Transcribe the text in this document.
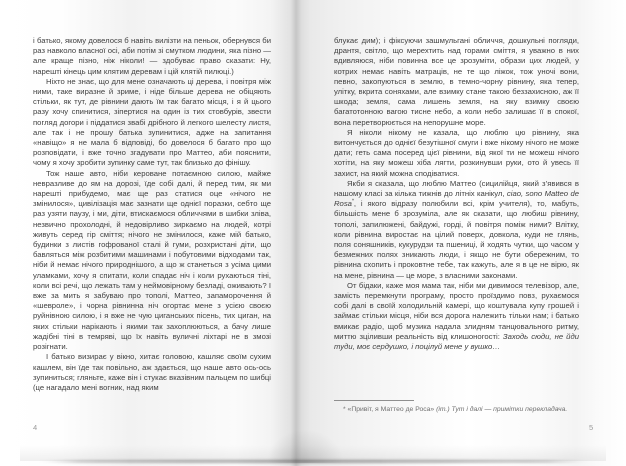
і батько, якому довелося б навіть вилізти на пеньок, обернувся би раз навколо власної осі, аби потім зі смутком людини, яка пізно — але краще пізно, ніж ніколи! — здобуває право сказати: Ну, нарешті кінець цим клятим деревам і цій клятій пилюці.)

Ніхто не знає, що для мене означають ці дерева, і повітря між ними, таке виразне й зриме, і ніде більше дерева не обіцяють стільки, як тут, де рівнини дають їм так багато місця, і я й цього разу хочу спинитися, зіпертися на один із тих стовбурів, звести погляд догори і піддатися звабі дрібного й легкого шелесту листя, але так і не прошу батька зупинитися, адже на запитання «навіщо» я не мала б відповіді, бо довелося б багато про що розповідати, і вже точно згадувати про Маттео, аби пояснити, чому я хочу зробити зупинку саме тут, так близько до фінішу.

Тож наше авто, ніби кероване потаємною силою, майже невразливе до ям на дорозі, їде собі далі, й перед тим, як ми нарешті прибудемо, має ще раз статися оце «нічого не змінилося», цивілізація має зазнати ще однієї поразки, себто ще раз узяти паузу, і ми, діти, втискаємося обличчями в шибки зліва, незвично прохолодні, й недовірливо зиркаємо на людей, котрі живуть серед гір сміття; нічого не змінилося, каже мій батько, будинки з листів гофрованої сталі й гуми, розхристані діти, що бавляться між розбитими машинами і побутовими відходами так, ніби й немає нічого природнішого, а що ж станеться з усіма цими уламками, хочу я спитати, коли спадає ніч і коли рухаються тіні, коли всі речі, що лежать там у неймовірному безладі, оживають? І вже за мить я забуваю про тополі, Маттео, запаморочення й «шевроле», і чорна рівнинна ніч огортає мене з усією своєю руйнівною силою, і я вже не чую циганських пісень, тих циган, на яких стільки нарікають і якими так захоплюються, а бачу лише жадібні тіні в темряві, що їх навіть вуличні ліхтарі не в змозі розігнати.

І батько визирає у вікно, хитає головою, кашляє своїм сухим кашлем, він їде так повільно, аж здається, що наше авто ось-ось зупиниться; гляньте, каже він і стукає вказівним пальцем по шибці (це нагадало мені вогник, над яким

4

блукає дим); і фіксуючи зашмульгані обличчя, дошкульні погляди, дрантя, світло, що мерехтить над горами сміття, я уважно в них вдивляюся, ніби повинна все це зрозуміти, образи цих людей, у котрих немає навіть матраців, не те що ліжок, тож уночі вони, певно, закопуються в землю, в темно-чорну рівнину, яка тепер, улітку, вкрита соняхами, але взимку стане такою беззахисною, аж її шкода; земля, сама лишень земля, на яку взимку своєю багатотонною вагою тисне небо, а коли небо залишає її в спокої, вона перетворюється на непорушне море.

Я ніколи нікому не казала, що люблю цю рівнину, яка витончується до однієї безутішної смуги і вже нікому нічого не може дати; геть сама посеред цієї рівнини, від якої ти не можеш нічого хотіти, на яку можеш хіба лягти, розкинувши руки, ото й увесь її захист, на який можна сподіватися.

Якби я сказала, що люблю Маттео (сицилійця, який з’явився в нашому класі за кілька тижнів до літніх канікул, ciao, sono Matteo de Rosa*, і якого відразу полюбили всі, крім учителя), то, мабуть, більшість мене б зрозуміла, але як сказати, що любиш рівнину, тополі, запилюжені, байдужі, горді, й повітря поміж ними? Влітку, коли рівнина виростає на цілий поверх, довкола, куди не глянь, поля соняшників, кукурудзи та пшениці, й ходять чутки, що часом у безмежних полях зникають люди, і якщо не бути обережним, то рівнина схопить і проковтне тебе, так кажуть, але я в це не вірю, як на мене, рівнина — це море, з власними законами.

От бідаки, каже моя мама так, ніби ми дивимося телевізор, але, замість перемкнути програму, просто проїздимо повз, рухаємося собі далі в своїй холодильній камері, що коштувала купу грошей і займає стільки місця, ніби вся дорога належить тільки нам; і батько вмикає радіо, щоб музика надала злидням танцювального ритму, миттю зціливши реальність від клишоногості: Заходь сюди, не йди туди, моє сердушко, і поцілуй мене у вушко…

* «Привіт, я Маттео де Роса» (іт.) Тут і далі — примітки перекладача.
5
